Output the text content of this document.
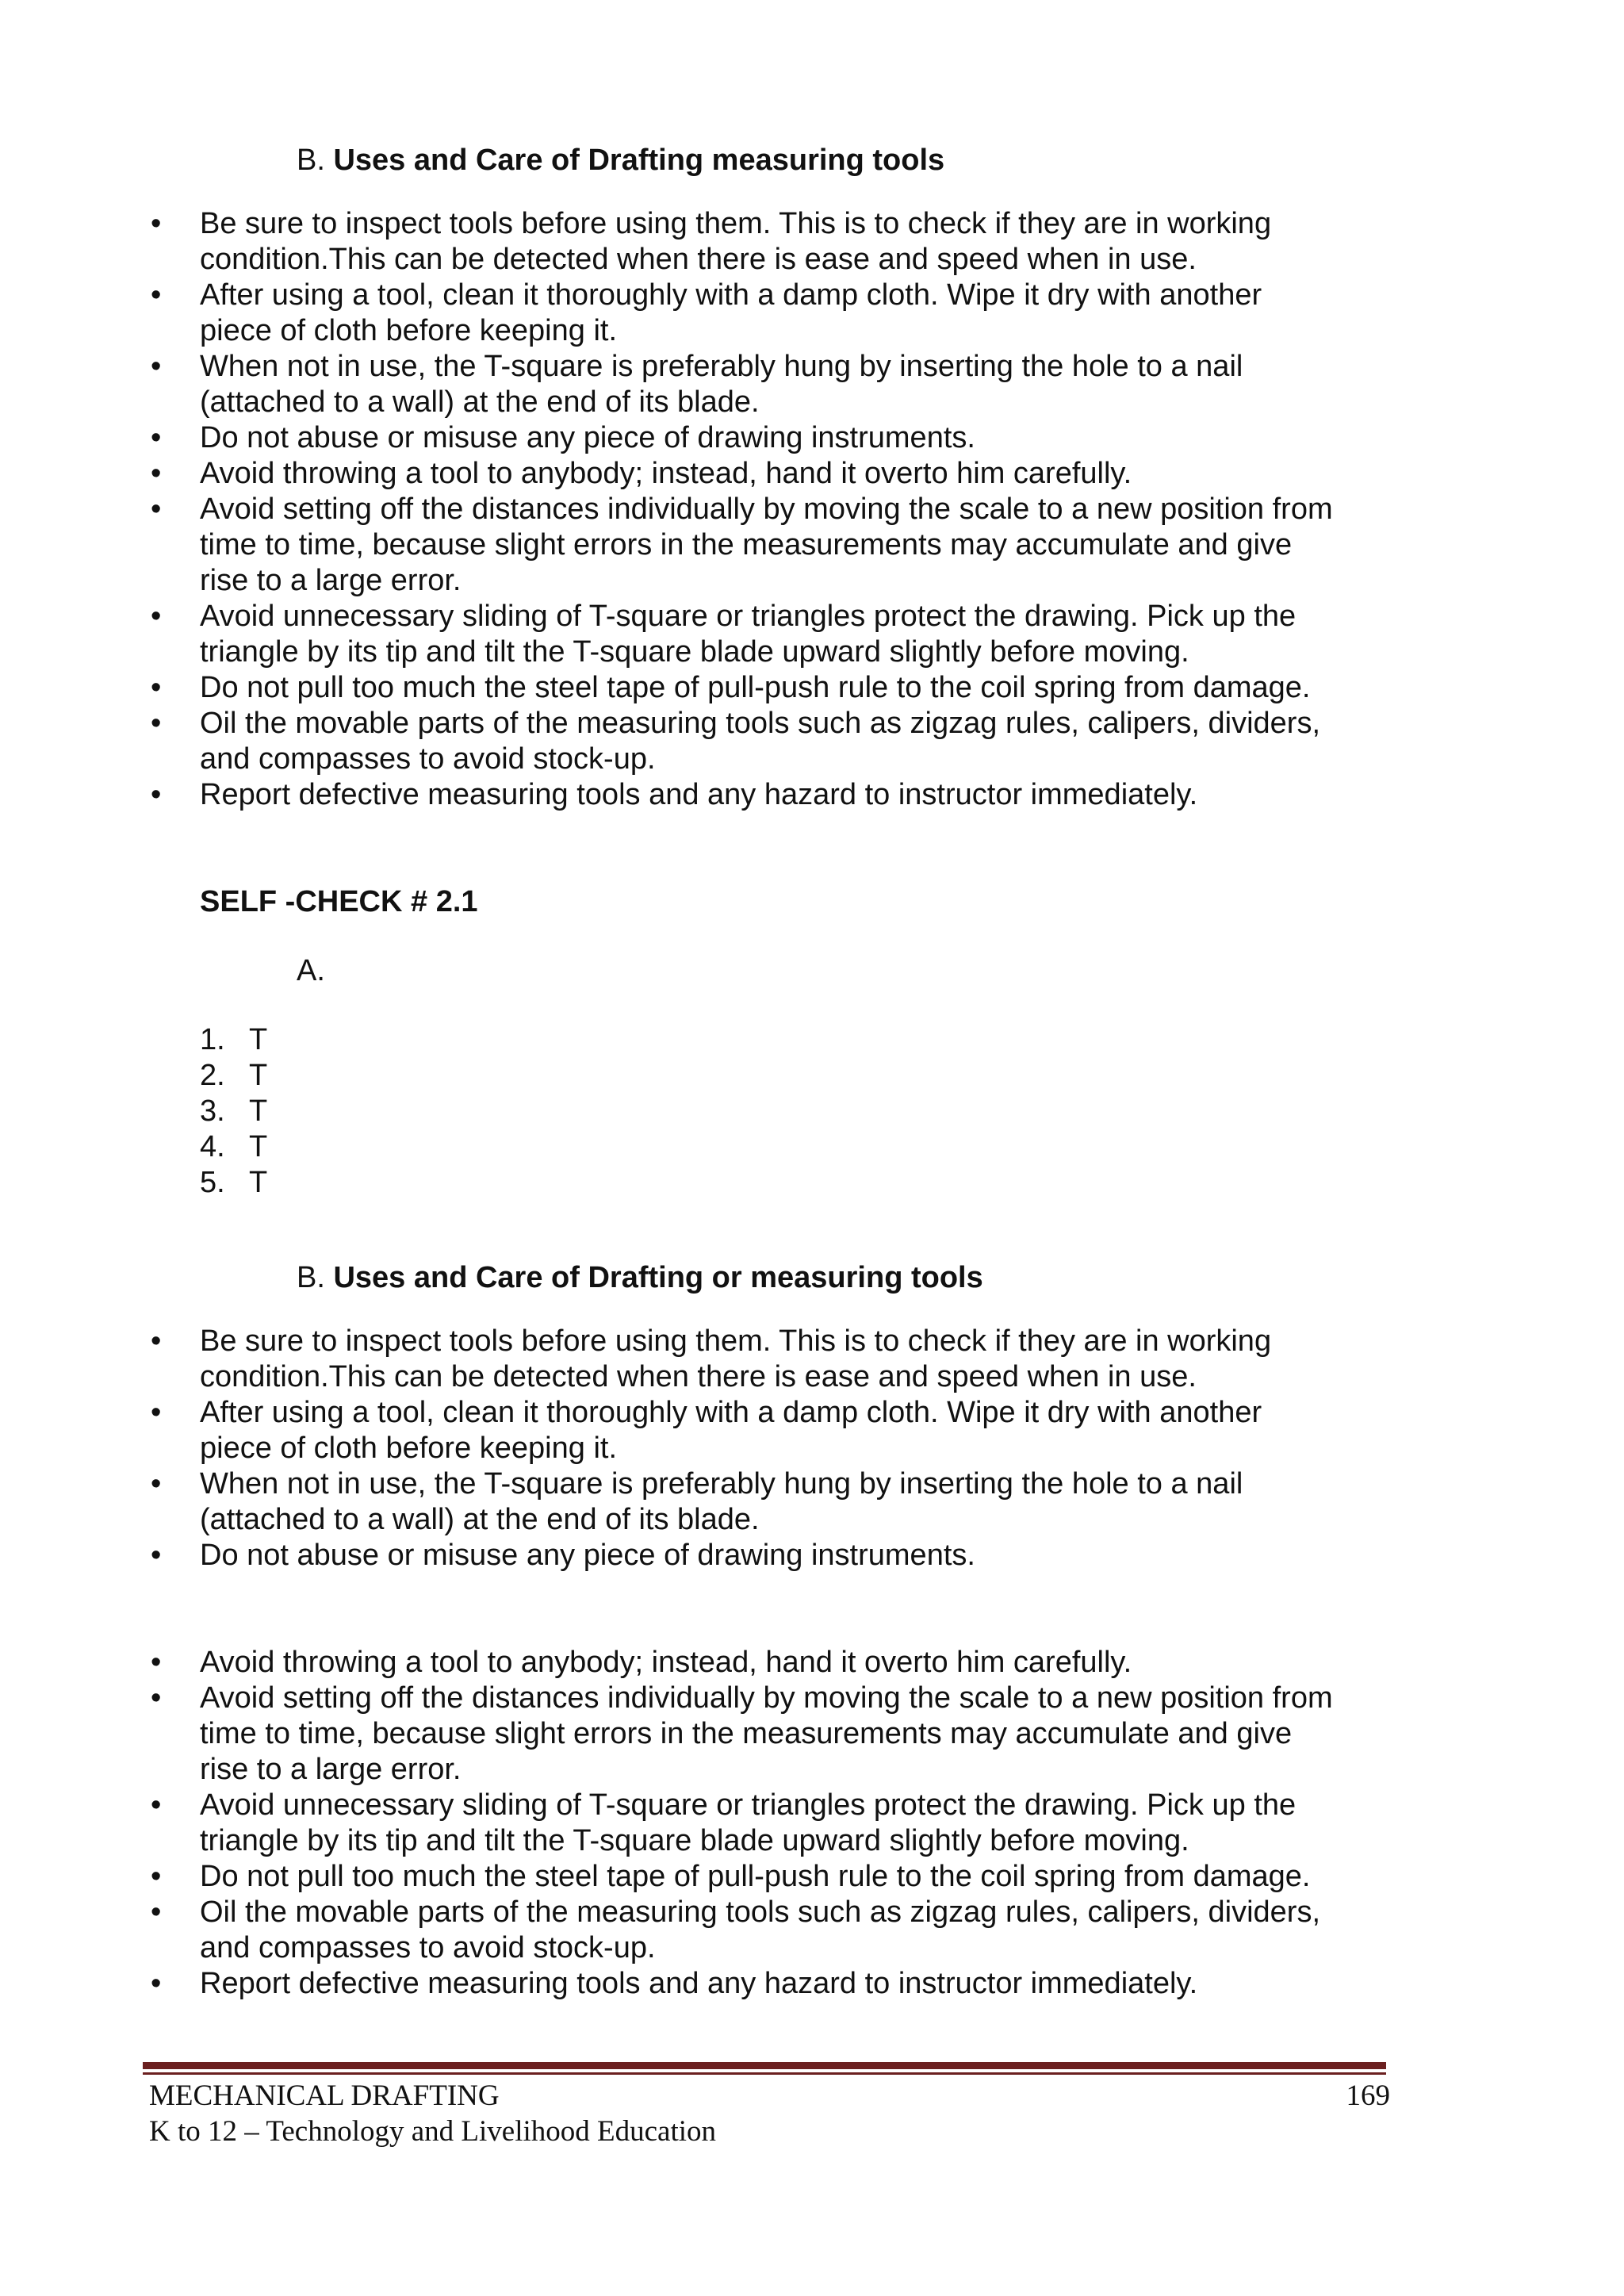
B. Uses and Care of Drafting measuring tools
• Be sure to inspect tools before using them. This is to check if they are in working
condition.This can be detected when there is ease and speed when in use.
• After using a tool, clean it thoroughly with a damp cloth. Wipe it dry with another
piece of cloth before keeping it.
• When not in use, the T-square is preferably hung by inserting the hole to a nail
(attached to a wall) at the end of its blade.
• Do not abuse or misuse any piece of drawing instruments.
• Avoid throwing a tool to anybody; instead, hand it overto him carefully.
• Avoid setting off the distances individually by moving the scale to a new position from
time to time, because slight errors in the measurements may accumulate and give
rise to a large error.
• Avoid unnecessary sliding of T-square or triangles protect the drawing. Pick up the
triangle by its tip and tilt the T-square blade upward slightly before moving.
• Do not pull too much the steel tape of pull-push rule to the coil spring from damage.
• Oil the movable parts of the measuring tools such as zigzag rules, calipers, dividers,
and compasses to avoid stock-up.
• Report defective measuring tools and any hazard to instructor immediately.

SELF -CHECK # 2.1

A.

1. T
2. T
3. T
4. T
5. T
B. Uses and Care of Drafting or measuring tools
• Be sure to inspect tools before using them. This is to check if they are in working
condition.This can be detected when there is ease and speed when in use.
• After using a tool, clean it thoroughly with a damp cloth. Wipe it dry with another
piece of cloth before keeping it.
• When not in use, the T-square is preferably hung by inserting the hole to a nail
(attached to a wall) at the end of its blade.
• Do not abuse or misuse any piece of drawing instruments.
• Avoid throwing a tool to anybody; instead, hand it overto him carefully.
• Avoid setting off the distances individually by moving the scale to a new position from
time to time, because slight errors in the measurements may accumulate and give
rise to a large error.
• Avoid unnecessary sliding of T-square or triangles protect the drawing. Pick up the
triangle by its tip and tilt the T-square blade upward slightly before moving.
• Do not pull too much the steel tape of pull-push rule to the coil spring from damage.
• Oil the movable parts of the measuring tools such as zigzag rules, calipers, dividers,
and compasses to avoid stock-up.
• Report defective measuring tools and any hazard to instructor immediately.
MECHANICAL DRAFTING	169
K to 12 – Technology and Livelihood Education
